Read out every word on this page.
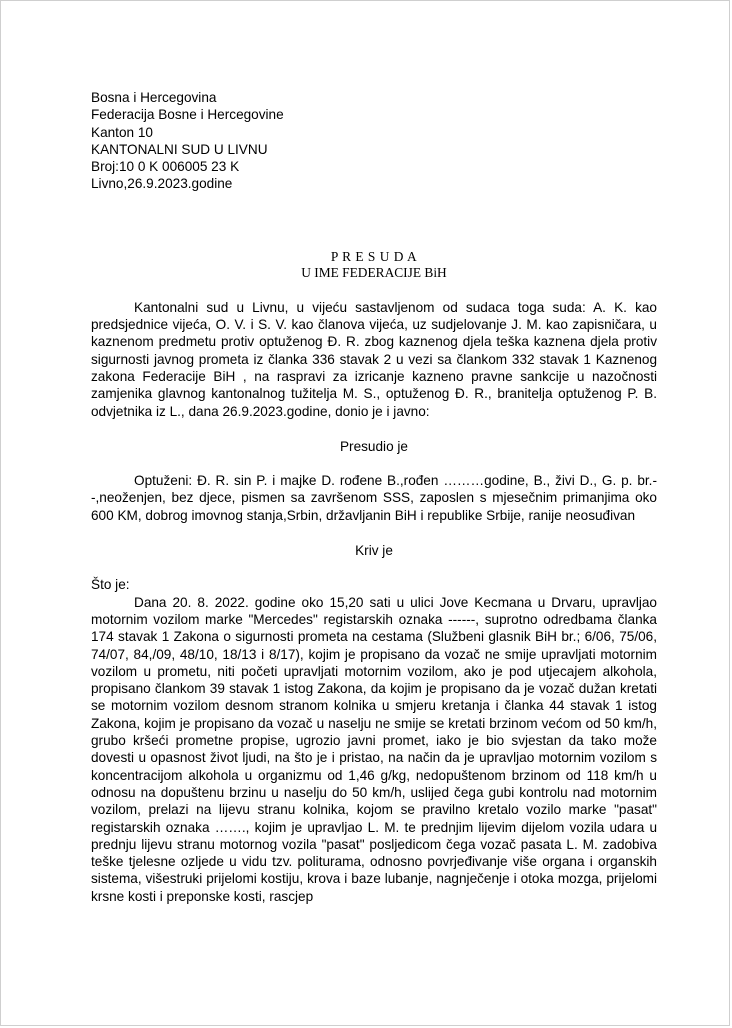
Bosna i Hercegovina
Federacija Bosne i Hercegovine
Kanton 10
KANTONALNI SUD U LIVNU
Broj:10 0 K 006005 23 K
Livno,26.9.2023.godine
P R E S U D A
U IME FEDERACIJE BiH

Kantonalni sud u Livnu, u vijeću sastavljenom od sudaca toga suda: A. K. kao predsjednice vijeća, O. V. i S. V. kao članova vijeća, uz sudjelovanje J. M. kao zapisničara, u kaznenom predmetu protiv optuženog Đ. R. zbog kaznenog djela teška kaznena djela protiv sigurnosti javnog prometa iz članka 336 stavak 2 u vezi sa člankom 332 stavak 1 Kaznenog zakona Federacije BiH , na raspravi za izricanje kazneno pravne sankcije u nazočnosti zamjenika glavnog kantonalnog tužitelja M. S., optuženog Đ. R., branitelja optuženog P. B. odvjetnika iz L., dana 26.9.2023.godine, donio je i javno:

Presudio je

Optuženi: Đ. R. sin P. i majke D. rođene B.,rođen ………godine, B., živi D., G. p. br.--,neoženjen, bez djece, pismen sa završenom SSS, zaposlen s mjesečnim primanjima oko 600 KM, dobrog imovnog stanja,Srbin, državljanin BiH i republike Srbije, ranije neosuđivan

Kriv je

Što je:

Dana 20. 8. 2022. godine oko 15,20 sati u ulici Jove Kecmana u Drvaru, upravljao motornim vozilom marke "Mercedes" registarskih oznaka ------, suprotno odredbama članka 174 stavak 1 Zakona o sigurnosti prometa na cestama (Službeni glasnik BiH br.; 6/06, 75/06, 74/07, 84,/09, 48/10, 18/13 i 8/17), kojim je propisano da vozač ne smije upravljati motornim vozilom u prometu, niti početi upravljati motornim vozilom, ako je pod utjecajem alkohola, propisano člankom 39 stavak 1 istog Zakona, da kojim je propisano da je vozač dužan kretati se motornim vozilom desnom stranom kolnika u smjeru kretanja i članka 44 stavak 1 istog Zakona, kojim je propisano da vozač u naselju ne smije se kretati brzinom većom od 50 km/h, grubo kršeći prometne propise, ugrozio javni promet, iako je bio svjestan da tako može dovesti u opasnost život ljudi, na što je i pristao, na način da je upravljao motornim vozilom s koncentracijom alkohola u organizmu od 1,46 g/kg, nedopuštenom brzinom od 118 km/h u odnosu na dopuštenu brzinu u naselju do 50 km/h, uslijed čega gubi kontrolu nad motornim vozilom, prelazi na lijevu stranu kolnika, kojom se pravilno kretalo vozilo marke "pasat" registarskih oznaka ……., kojim je upravljao L. M. te prednjim lijevim dijelom vozila udara u prednju lijevu stranu motornog vozila "pasat" posljedicom čega vozač pasata L. M. zadobiva teške tjelesne ozljede u vidu tzv. politurama, odnosno povrjeđivanje više organa i organskih sistema, višestruki prijelomi kostiju, krova i baze lubanje, nagnječenje i otoka mozga, prijelomi krsne kosti i preponske kosti, rascjep
